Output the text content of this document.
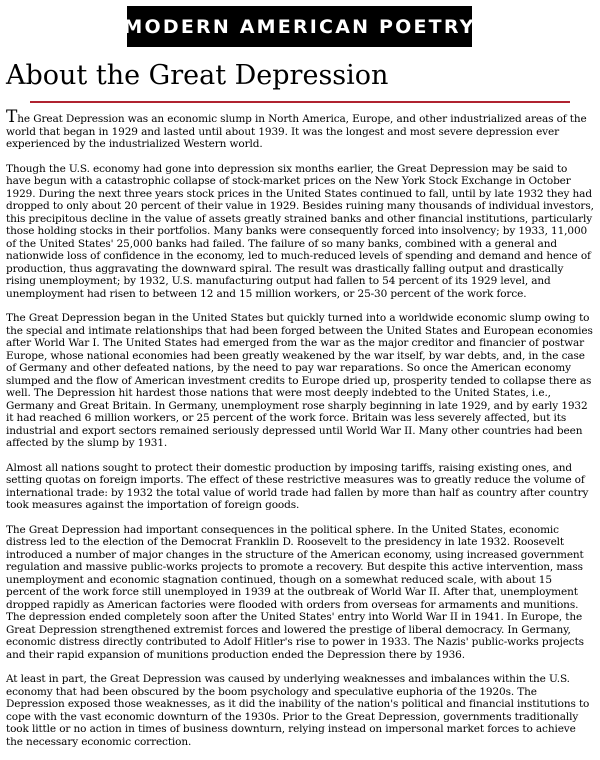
MODERN AMERICAN POETRY
About the Great Depression

The Great Depression was an economic slump in North America, Europe, and other industrialized areas of the world that began in 1929 and lasted until about 1939. It was the longest and most severe depression ever experienced by the industrialized Western world.

Though the U.S. economy had gone into depression six months earlier, the Great Depression may be said to have begun with a catastrophic collapse of stock-market prices on the New York Stock Exchange in October 1929. During the next three years stock prices in the United States continued to fall, until by late 1932 they had dropped to only about 20 percent of their value in 1929. Besides ruining many thousands of individual investors, this precipitous decline in the value of assets greatly strained banks and other financial institutions, particularly those holding stocks in their portfolios. Many banks were consequently forced into insolvency; by 1933, 11,000 of the United States' 25,000 banks had failed. The failure of so many banks, combined with a general and nationwide loss of confidence in the economy, led to much-reduced levels of spending and demand and hence of production, thus aggravating the downward spiral. The result was drastically falling output and drastically rising unemployment; by 1932, U.S. manufacturing output had fallen to 54 percent of its 1929 level, and unemployment had risen to between 12 and 15 million workers, or 25-30 percent of the work force.

The Great Depression began in the United States but quickly turned into a worldwide economic slump owing to the special and intimate relationships that had been forged between the United States and European economies after World War I. The United States had emerged from the war as the major creditor and financier of postwar Europe, whose national economies had been greatly weakened by the war itself, by war debts, and, in the case of Germany and other defeated nations, by the need to pay war reparations. So once the American economy slumped and the flow of American investment credits to Europe dried up, prosperity tended to collapse there as well. The Depression hit hardest those nations that were most deeply indebted to the United States, i.e., Germany and Great Britain. In Germany, unemployment rose sharply beginning in late 1929, and by early 1932 it had reached 6 million workers, or 25 percent of the work force. Britain was less severely affected, but its industrial and export sectors remained seriously depressed until World War II. Many other countries had been affected by the slump by 1931.

Almost all nations sought to protect their domestic production by imposing tariffs, raising existing ones, and setting quotas on foreign imports. The effect of these restrictive measures was to greatly reduce the volume of international trade: by 1932 the total value of world trade had fallen by more than half as country after country took measures against the importation of foreign goods.

The Great Depression had important consequences in the political sphere. In the United States, economic distress led to the election of the Democrat Franklin D. Roosevelt to the presidency in late 1932. Roosevelt introduced a number of major changes in the structure of the American economy, using increased government regulation and massive public-works projects to promote a recovery. But despite this active intervention, mass unemployment and economic stagnation continued, though on a somewhat reduced scale, with about 15 percent of the work force still unemployed in 1939 at the outbreak of World War II. After that, unemployment dropped rapidly as American factories were flooded with orders from overseas for armaments and munitions. The depression ended completely soon after the United States' entry into World War II in 1941. In Europe, the Great Depression strengthened extremist forces and lowered the prestige of liberal democracy. In Germany, economic distress directly contributed to Adolf Hitler's rise to power in 1933. The Nazis' public-works projects and their rapid expansion of munitions production ended the Depression there by 1936.

At least in part, the Great Depression was caused by underlying weaknesses and imbalances within the U.S. economy that had been obscured by the boom psychology and speculative euphoria of the 1920s. The Depression exposed those weaknesses, as it did the inability of the nation's political and financial institutions to cope with the vast economic downturn of the 1930s. Prior to the Great Depression, governments traditionally took little or no action in times of business downturn, relying instead on impersonal market forces to achieve the necessary economic correction.
